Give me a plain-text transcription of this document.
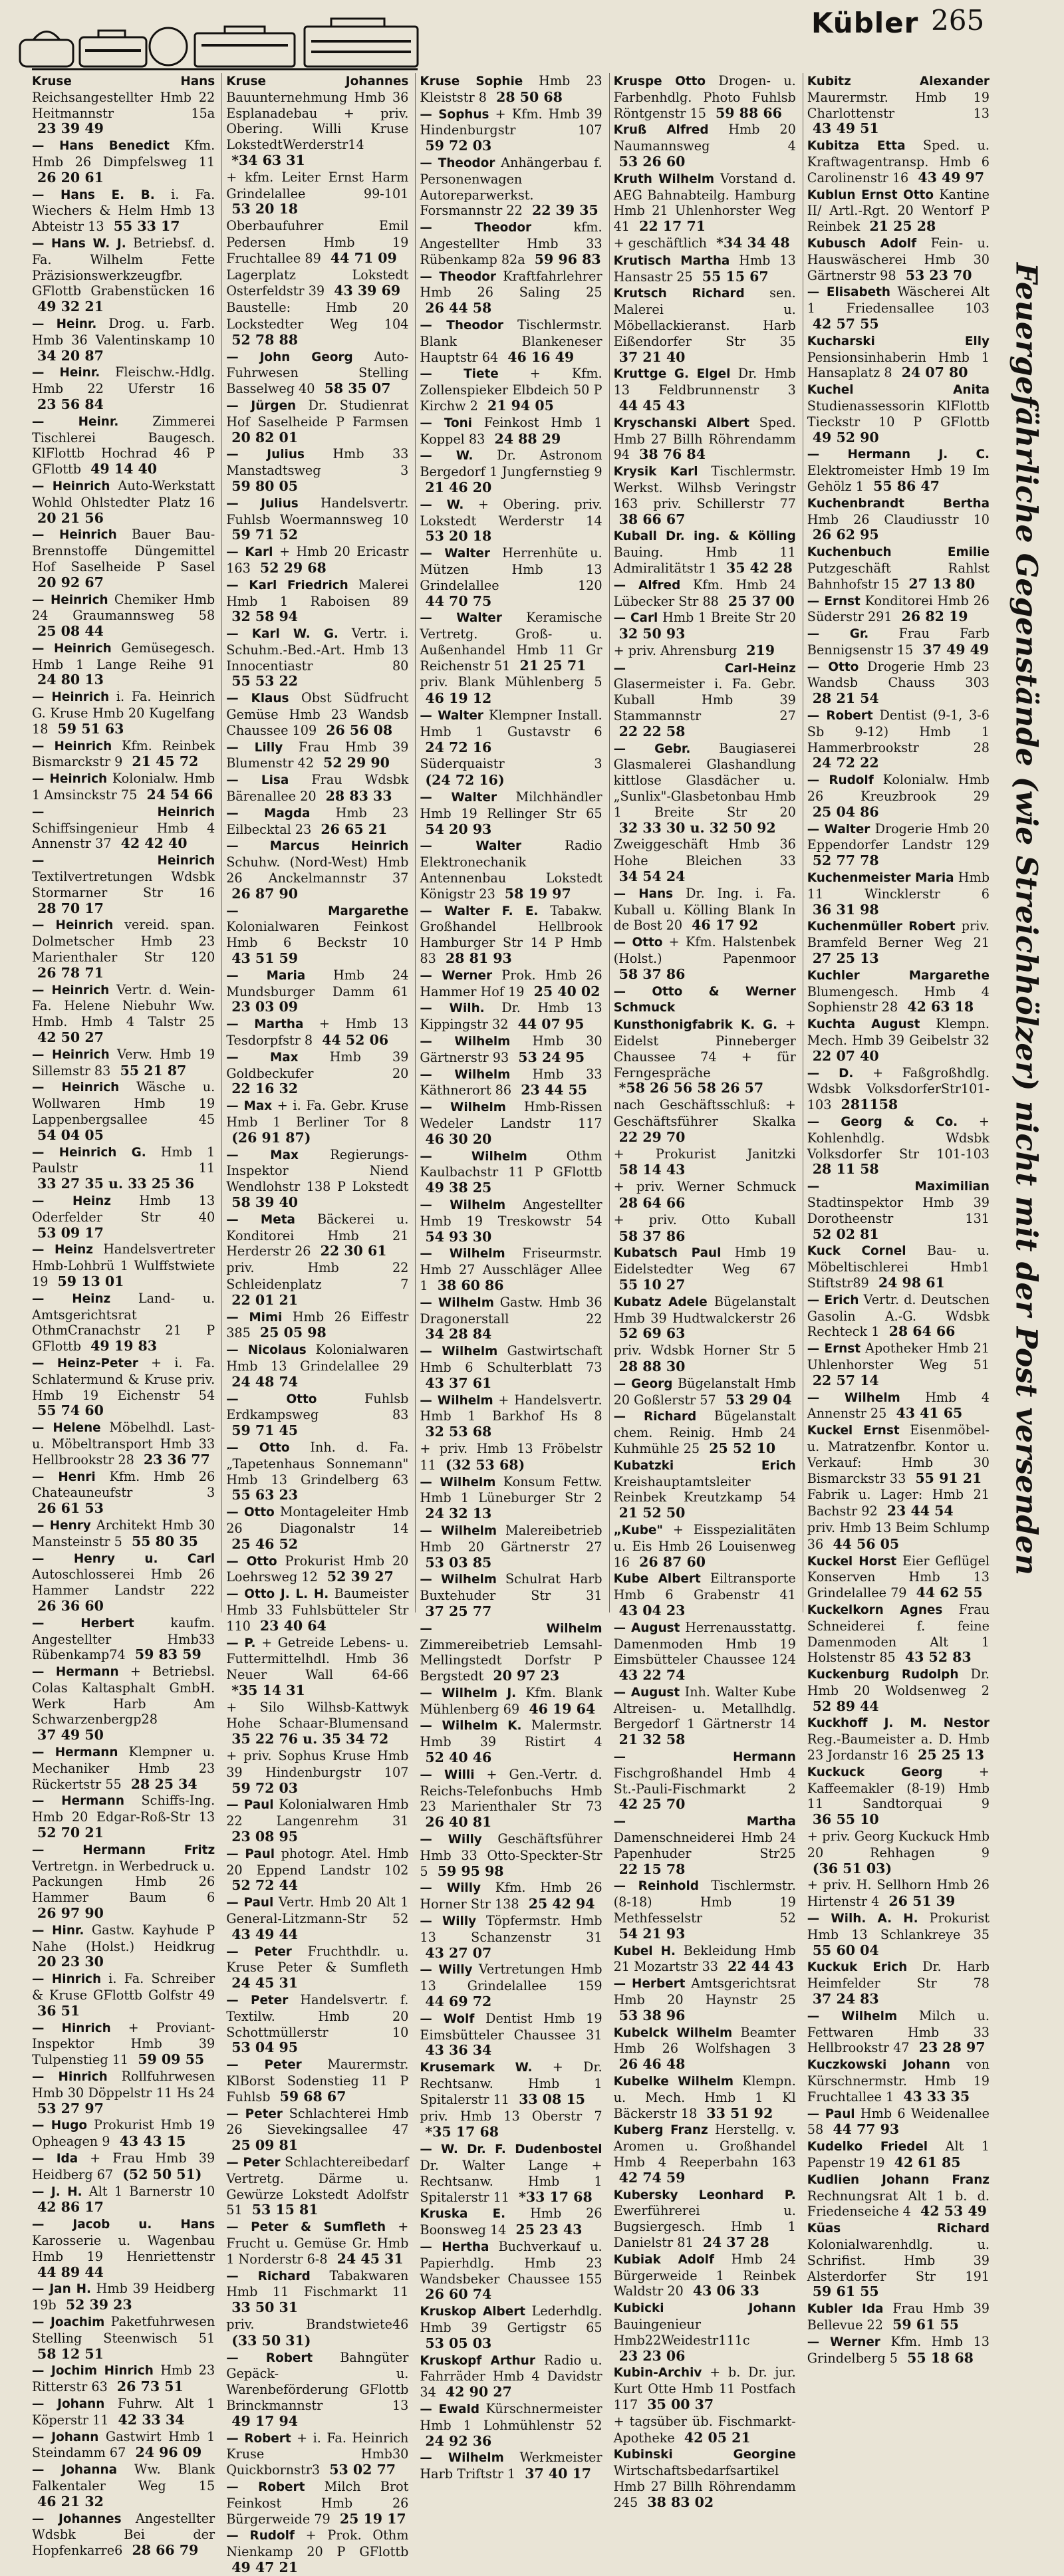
Kübler 265
Kruse Hans Reichsangestellter Hmb 22 Heitmannstr 15a 23 39 49
— Hans Benedict Kfm. Hmb 26 Dimpfelsweg 11 26 20 61
— Hans E. B. i. Fa. Wiechers & Helm Hmb 13 Abteistr 13 55 33 17
— Hans W. J. Betriebsf. d. Fa. Wilhelm Fette Präzisionswerkzeugfbr. GFlottb Grabenstücken 16 49 32 21
— Heinr. Drog. u. Farb. Hmb 36 Valentinskamp 10 34 20 87
— Heinr. Fleischw.-Hdlg. Hmb 22 Uferstr 16 23 56 84
— Heinr.	Zimmerei Tischlerei Baugesch. KlFlottb Hochrad 46 P GFlottb 49 14 40
— Heinrich Auto-Werkstatt Wohld Ohlstedter Platz 16 20 21 56
— Heinrich Bauer Bau- Brennstoffe Düngemittel Hof Saselheide P Sasel 20 92 67
— Heinrich Chemiker Hmb 24 Graumannsweg 58 25 08 44
— Heinrich Gemüsegesch. Hmb 1 Lange Reihe 91 24 80 13
— Heinrich i. Fa. Heinrich G. Kruse Hmb 20 Kugelfang 18 59 51 63
— Heinrich Kfm. Reinbek Bismarckstr 9 21 45 72
— Heinrich Kolonialw. Hmb 1 Amsinckstr 75 24 54 66
— Heinrich Schiffsingenieur Hmb 4 Annenstr 37 42 42 40
— Heinrich Textilvertretungen Wdsbk Stormarner Str 16 28 70 17
— Heinrich vereid. span. Dolmetscher Hmb 23 Marienthaler Str 120 26 78 71
— Heinrich Vertr. d. Wein-Fa. Helene Niebuhr Ww. Hmb. Hmb 4 Talstr 25 42 50 27
— Heinrich Verw. Hmb 19 Sillemstr 83 55 21 87
— Heinrich Wäsche u. Wollwaren Hmb 19 Lappenbergsallee 45 54 04 05
— Heinrich G. Hmb 1 Paulstr 11 33 27 35 u. 33 25 36
— Heinz Hmb 13 Oderfelder Str 40 53 09 17
— Heinz Handelsvertreter Hmb-Lohbrü 1 Wulffstwiete 19 59 13 01
— Heinz Land- u. Amtsgerichtsrat OthmCranachstr 21 P GFlottb 49 19 83
— Heinz-Peter + i. Fa. Schlatermund & Kruse priv. Hmb 19 Eichenstr 54 55 74 60
— Helene Möbelhdl. Last- u. Möbeltransport Hmb 33 Hellbrookstr 28 23 36 77
— Henri Kfm. Hmb 26 Chateauneufstr 3 26 61 53
— Henry Architekt Hmb 30 Mansteinstr 5 55 80 35
— Henry u. Carl Autoschlosserei Hmb 26 Hammer Landstr 222 26 36 60
— Herbert	kaufm. Angestellter Hmb33 Rübenkamp74 59 83 59
— Hermann + Betriebsl. Colas Kaltasphalt GmbH. Werk Harb Am Schwarzenbergp28 37 49 50
— Hermann Klempner u. Mechaniker Hmb 23 Rückertstr 55 28 25 34
— Hermann Schiffs-Ing. Hmb 20 Edgar-Roß-Str 13 52 70 21
— Hermann Fritz Vertretgn. in Werbedruck u. Packungen Hmb 26 Hammer Baum 6 26 97 90
— Hinr. Gastw. Kayhude P Nahe (Holst.) Heidkrug 20 23 30
— Hinrich i. Fa. Schreiber & Kruse GFlottb Golfstr 49 36 51
— Hinrich + Proviant-Inspektor Hmb 39 Tulpenstieg 11 59 09 55
— Hinrich Rollfuhrwesen Hmb 30 Döppelstr 11 Hs 24 53 27 97
— Hugo Prokurist Hmb 19 Opheagen 9 43 43 15
— Ida + Frau Hmb 39 Heidberg 67 (52 50 51)
— J. H. Alt 1 Barnerstr 10 42 86 17
— Jacob u. Hans Karosserie u. Wagenbau Hmb 19 Henriettenstr 44 89 44
— Jan H. Hmb 39 Heidberg 19b 52 39 23
— Joachim Paketfuhrwesen Stelling Steenwisch 51 58 12 51
— Jochim Hinrich Hmb 23 Ritterstr 63 26 73 51
— Johann Fuhrw. Alt 1 Köperstr 11 42 33 34
— Johann Gastwirt Hmb 1 Steindamm 67 24 96 09
— Johanna Ww. Blank Falkentaler Weg 15 46 21 32
— Johannes Angestellter Wdsbk Bei der Hopfenkarre6 28 66 79
Kruse Johannes Bauunternehmung Hmb 36 Esplanadebau + priv. Obering. Willi Kruse LokstedtWerderstr14 *34 63 31
+ kfm. Leiter Ernst Harm Grindelallee 99-101 53 20 18
Oberbaufuhrer Emil Pedersen Hmb 19 Fruchtallee 89 44 71 09
Lagerplatz Lokstedt Osterfeldstr 39 43 39 69
Baustelle: Hmb 20 Lockstedter Weg 104 52 78 88
— John Georg Auto-Fuhrwesen Stelling Basselweg 40 58 35 07
— Jürgen Dr. Studienrat Hof Saselheide P Farmsen 20 82 01
— Julius Hmb 33 Manstadtsweg 3 59 80 05
— Julius Handelsvertr. Fuhlsb Woermannsweg 10 59 71 52
— Karl + Hmb 20 Ericastr 163 52 29 68
— Karl Friedrich Malerei Hmb 1 Raboisen 89 32 58 94
— Karl W. G. Vertr. i. Schuhm.-Bed.-Art. Hmb 13 Innocentiastr 80 55 53 22
— Klaus Obst Südfrucht Gemüse Hmb 23 Wandsb Chaussee 109 26 56 08
— Lilly Frau Hmb 39 Blumenstr 42 52 29 90
— Lisa Frau Wdsbk Bärenallee 20 28 83 33
— Magda Hmb 23 Eilbecktal 23 26 65 21
— Marcus Heinrich Schuhw. (Nord-West) Hmb 26 Anckelmannstr 37 26 87 90
— Margarethe Kolonialwaren Feinkost Hmb 6 Beckstr 10 43 51 59
— Maria Hmb 24 Mundsburger Damm 61 23 03 09
— Martha + Hmb 13 Tesdorpfstr 8 44 52 06
— Max Hmb 39 Goldbeckufer 20 22 16 32
— Max + i. Fa. Gebr. Kruse Hmb 1 Berliner Tor 8 (26 91 87)
— Max Regierungs-Inspektor Niend Wendlohstr 138 P Lokstedt 58 39 40
— Meta Bäckerei u. Konditorei Hmb 21 Herderstr 26 22 30 61
priv. Hmb 22 Schleidenplatz 7 22 01 21
— Mimi Hmb 26 Eiffestr 385 25 05 98
— Nicolaus Kolonialwaren Hmb 13 Grindelallee 29 24 48 74
— Otto	Fuhlsb Erdkampsweg 83 59 71 45
— Otto Inh. d. Fa. „Tapetenhaus Sonnemann" Hmb 13 Grindelberg 63 55 63 23
— Otto Montageleiter Hmb 26 Diagonalstr 14 25 46 52
— Otto Prokurist Hmb 20 Loehrsweg 12 52 39 27
— Otto J. L. H. Baumeister Hmb 33 Fuhlsbütteler Str 110 23 40 64
— P. + Getreide Lebens- u. Futtermittelhdl. Hmb 36 Neuer Wall 64-66 *35 14 31
+ Silo Wilhsb-Kattwyk Hohe Schaar-Blumensand 35 22 76 u. 35 34 72
+ priv. Sophus Kruse Hmb 39 Hindenburgstr 107 59 72 03
— Paul Kolonialwaren Hmb 22 Langenrehm 31 23 08 95
— Paul photogr. Atel. Hmb 20 Eppend Landstr 102 52 72 44
— Paul Vertr. Hmb 20 Alt 1 General-Litzmann-Str 52 43 49 44
— Peter Fruchthdlr. u. Kruse Peter & Sumfleth 24 45 31
— Peter Handelsvertr. f. Textilw. Hmb 20 Schottmüllerstr 10 53 04 95
— Peter Maurermstr. KlBorst Sodenstieg 11 P Fuhlsb 59 68 67
— Peter Schlachterei Hmb 26 Sievekingsallee 47 25 09 81
— Peter Schlachtereibedarf Vertretg. Därme u. Gewürze Lokstedt Adolfstr 51 53 15 81
— Peter & Sumfleth + Frucht u. Gemüse Gr. Hmb 1 Norderstr 6-8 24 45 31
— Richard Tabakwaren Hmb 11 Fischmarkt 11 33 50 31
priv. Brandstwiete46 (33 50 31)
— Robert Bahngüter Gepäck- u. Warenbeförderung GFlottb Brinckmannstr 13 49 17 94
— Robert + i. Fa. Heinrich Kruse Hmb30 Quickbornstr3 53 02 77
— Robert Milch Brot Feinkost Hmb 26 Bürgerweide 79 25 19 17
— Rudolf + Prok. Othm Nienkamp 20 P GFlottb 49 47 21
Kruse Sophie Hmb 23 Kleiststr 8 28 50 68
— Sophus + Kfm. Hmb 39 Hindenburgstr 107 59 72 03
— Theodor Anhängerbau f. Personenwagen Autoreparwerkst. Forsmannstr 22 22 39 35
— Theodor	kfm. Angestellter Hmb 33 Rübenkamp 82a 59 96 83
— Theodor Kraftfahrlehrer Hmb 26 Saling 25 26 44 58
— Theodor Tischlermstr. Blank Blankeneser Hauptstr 64 46 16 49
— Tiete + Kfm. Zollenspieker Elbdeich 50 P Kirchw 2 21 94 05
— Toni Feinkost Hmb 1 Koppel 83 24 88 29
— W. Dr. Astronom Bergedorf 1 Jungfernstieg 9 21 46 20
— W. + Obering. priv. Lokstedt Werderstr 14 53 20 18
— Walter Herrenhüte u. Mützen Hmb 13 Grindelallee 120 44 70 75
— Walter Keramische Vertretg. Groß- u. Außenhandel Hmb 11 Gr Reichenstr 51 21 25 71
priv. Blank Mühlenberg 5 46 19 12
— Walter Klempner Install. Hmb 1 Gustavstr 6 24 72 16
Süderquaistr 3 (24 72 16)
— Walter Milchhändler Hmb 19 Rellinger Str 65 54 20 93
— Walter	Radio Elektronechanik Antennenbau Lokstedt Königstr 23 58 19 97
— Walter F. E. Tabakw. Großhandel Hellbrook Hamburger Str 14 P Hmb 83 28 81 93
— Werner Prok. Hmb 26 Hammer Hof 19 25 40 02
— Wilh. Dr. Hmb 13 Kippingstr 32 44 07 95
— Wilhelm Hmb 30 Gärtnerstr 93 53 24 95
— Wilhelm Hmb 33 Käthnerort 86 23 44 55
— Wilhelm Hmb-Rissen Wedeler Landstr 117 46 30 20
— Wilhelm	Othm Kaulbachstr 11 P GFlottb 49 38 25
— Wilhelm Angestellter Hmb 19 Treskowstr 54 54 93 30
— Wilhelm Friseurmstr. Hmb 27 Ausschläger Allee 1 38 60 86
— Wilhelm Gastw. Hmb 36 Dragonerstall 22 34 28 84
— Wilhelm Gastwirtschaft Hmb 6 Schulterblatt 73 43 37 61
— Wilhelm + Handelsvertr. Hmb 1 Barkhof Hs 8 32 53 68
+ priv. Hmb 13 Fröbelstr 11 (32 53 68)
— Wilhelm Konsum Fettw. Hmb 1 Lüneburger Str 2 24 32 13
— Wilhelm Malereibetrieb Hmb 20 Gärtnerstr 27 53 03 85
— Wilhelm Schulrat Harb Buxtehuder Str 31 37 25 77
— Wilhelm Zimmereibetrieb Lemsahl-Mellingstedt Dorfstr P Bergstedt 20 97 23
— Wilhelm J. Kfm. Blank Mühlenberg 69 46 19 64
— Wilhelm K. Malermstr. Hmb 39 Ristirt 4 52 40 46
— Willi + Gen.-Vertr. d. Reichs-Telefonbuchs Hmb 23 Marienthaler Str 73 26 40 81
— Willy Geschäftsführer Hmb 33 Otto-Speckter-Str 5 59 95 98
— Willy Kfm. Hmb 26 Horner Str 138 25 42 94
— Willy Töpfermstr. Hmb 13 Schanzenstr 31 43 27 07
— Willy Vertretungen Hmb 13 Grindelallee 159 44 69 72
— Wolf Dentist Hmb 19 Eimsbütteler Chaussee 31 43 36 34
Krusemark W. + Dr. Rechtsanw. Hmb 1 Spitalerstr 11 33 08 15
priv. Hmb 13 Oberstr 7 *35 17 68
— W. Dr. F. Dudenbostel Dr. Walter Lange + Rechtsanw. Hmb 1 Spitalerstr 11 *33 17 68
Kruska E. Hmb 26 Boonsweg 14 25 23 43
— Hertha Buchverkauf u. Papierhdlg. Hmb 23 Wandsbeker Chaussee 155 26 60 74
Kruskop Albert Lederhdlg. Hmb 39 Gertigstr 65 53 05 03
Kruskopf Arthur Radio u. Fahrräder Hmb 4 Davidstr 34 42 90 27
— Ewald Kürschnermeister Hmb 1 Lohmühlenstr 52 24 92 36
— Wilhelm Werkmeister Harb Triftstr 1 37 40 17
Kruspe Otto Drogen- u. Farbenhdlg. Photo Fuhlsb Röntgenstr 15 59 88 66
Kruß Alfred Hmb 20 Naumannsweg 4 53 26 60
Kruth Wilhelm Vorstand d. AEG Bahnabteilg. Hamburg Hmb 21 Uhlenhorster Weg 41 22 17 71
+ geschäftlich *34 34 48
Krutisch Martha Hmb 13 Hansastr 25 55 15 67
Krutsch Richard sen. Malerei u. Möbellackieranst. Harb Eißendorfer Str 35 37 21 40
Kruttge G. Elgel Dr. Hmb 13 Feldbrunnenstr 3 44 45 43
Kryschanski Albert Sped. Hmb 27 Billh Röhrendamm 94 38 76 84
Krysik Karl Tischlermstr. Werkst. Wilhsb Veringstr 163 priv. Schillerstr 77 38 66 67
Kuball Dr. ing. & Kölling Bauing. Hmb 11 Admiralitätstr 1 35 42 28
— Alfred Kfm. Hmb 24 Lübecker Str 88 25 37 00
— Carl Hmb 1 Breite Str 20 32 50 93
+ priv. Ahrensburg 219
— Carl-Heinz Glasermeister i. Fa. Gebr. Kuball Hmb 39 Stammannstr 27 22 22 58
— Gebr. Baugiaserei Glasmalerei Glashandlung kittlose Glasdächer u. „Sunlix"-Glasbetonbau Hmb 1 Breite Str 20 32 33 30 u. 32 50 92
Zweiggeschäft Hmb 36 Hohe Bleichen 33 34 54 24
— Hans Dr. Ing. i. Fa. Kuball u. Kölling Blank In de Bost 20 46 17 92
— Otto + Kfm. Halstenbek (Holst.) Papenmoor 58 37 86
— Otto & Werner Schmuck
Kunsthonigfabrik K. G. + Eidelst Pinneberger Chaussee 74 + für Ferngespräche *58 26 56 58 26 57
nach Geschäftsschluß: + Geschäftsführer Skalka 22 29 70
+ Prokurist Janitzki 58 14 43
+ priv. Werner Schmuck 28 64 66
+ priv. Otto Kuball 58 37 86
Kubatsch Paul Hmb 19 Eidelstedter Weg 67 55 10 27
Kubatz Adele Bügelanstalt Hmb 39 Hudtwalckerstr 26 52 69 63
priv. Wdsbk Horner Str 5 28 88 30
— Georg Bügelanstalt Hmb 20 Goßlerstr 57 53 29 04
— Richard Bügelanstalt chem. Reinig. Hmb 24 Kuhmühle 25 25 52 10
Kubatzki Erich Kreishauptamtsleiter Reinbek Kreutzkamp 54 21 52 50
„Kube" + Eisspezialitäten u. Eis Hmb 26 Louisenweg 16 26 87 60
Kube Albert Eiltransporte Hmb 6 Grabenstr 41 43 04 23
— August Herrenausstattg. Damenmoden Hmb 19 Eimsbütteler Chaussee 124 43 22 74
— August Inh. Walter Kube Altreisen- u. Metallhdlg. Bergedorf 1 Gärtnerstr 14 21 32 58
— Hermann Fischgroßhandel Hmb 4 St.-Pauli-Fischmarkt 2 42 25 70
— Martha Damenschneiderei Hmb 24 Papenhuder Str25 22 15 78
— Reinhold Tischlermstr. (8-18) Hmb 19 Methfesselstr 52 54 21 93
Kubel H. Bekleidung Hmb 21 Mozartstr 33 22 44 43
— Herbert Amtsgerichtsrat Hmb 20 Haynstr 25 53 38 96
Kubelck Wilhelm Beamter Hmb 26 Wolfshagen 3 26 46 48
Kubelke Wilhelm Klempn. u. Mech. Hmb 1 Kl Bäckerstr 18 33 51 92
Kuberg Franz Herstellg. v. Aromen u. Großhandel Hmb 4 Reeperbahn 163 42 74 59
Kubersky Leonhard P. Ewerführerei u. Bugsiergesch. Hmb 1 Danielstr 81 24 37 28
Kubiak Adolf Hmb 24 Bürgerweide 1 Reinbek Waldstr 20 43 06 33
Kubicki Johann Bauingenieur Hmb22Weidestr111c 23 23 06
Kubin-Archiv + b. Dr. jur. Kurt Otte Hmb 11 Postfach 117 35 00 37
+ tagsüber üb. Fischmarkt-Apotheke 42 05 21
Kubinski Georgine Wirtschaftsbedarfsartikel Hmb 27 Billh Röhrendamm 245 38 83 02
Kubitz Alexander Maurermstr. Hmb 19 Charlottenstr 13 43 49 51
Kubitza Etta Sped. u. Kraftwagentransp. Hmb 6 Carolinenstr 16 43 49 97
Kublun Ernst Otto Kantine II/ Artl.-Rgt. 20 Wentorf P Reinbek 21 25 28
Kubusch Adolf Fein- u. Hauswäscherei Hmb 30 Gärtnerstr 98 53 23 70
— Elisabeth Wäscherei Alt 1 Friedensallee 103 42 57 55
Kucharski Elly Pensionsinhaberin Hmb 1 Hansaplatz 8 24 07 80
Kuchel Anita Studienassessorin KlFlottb Tieckstr 10 P GFlottb 49 52 90
— Hermann J. C. Elektromeister Hmb 19 Im Gehölz 1 55 86 47
Kuchenbrandt Bertha Hmb 26 Claudiusstr 10 26 62 95
Kuchenbuch Emilie Putzgeschäft Rahlst Bahnhofstr 15 27 13 80
— Ernst Konditorei Hmb 26 Süderstr 291 26 82 19
— Gr. Frau Farb Bennigsenstr 15 37 49 49
— Otto Drogerie Hmb 23 Wandsb Chauss 303 28 21 54
— Robert Dentist (9-1, 3-6 Sb 9-12) Hmb 1 Hammerbrookstr 28 24 72 22
— Rudolf Kolonialw. Hmb 26 Kreuzbrook 29 25 04 86
— Walter Drogerie Hmb 20 Eppendorfer Landstr 129 52 77 78
Kuchenmeister Maria Hmb 11 Wincklerstr 6 36 31 98
Kuchenmüller Robert priv. Bramfeld Berner Weg 21 27 25 13
Kuchler Margarethe Blumengesch. Hmb 4 Sophienstr 28 42 63 18
Kuchta August Klempn. Mech. Hmb 39 Geibelstr 32 22 07 40
— D. + Faßgroßhdlg. Wdsbk VolksdorferStr101-103 281158
— Georg & Co. + Kohlenhdlg. Wdsbk Volksdorfer Str 101-103 28 11 58
— Maximilian Stadtinspektor Hmb 39 Dorotheenstr 131 52 02 81
Kuck Cornel Bau- u. Möbeltischlerei Hmb1 Stiftstr89 24 98 61
— Erich Vertr. d. Deutschen Gasolin A.-G. Wdsbk Rechteck 1 28 64 66
— Ernst Apotheker Hmb 21 Uhlenhorster Weg 51 22 57 14
— Wilhelm Hmb 4 Annenstr 25 43 41 65
Kuckel Ernst Eisenmöbel- u. Matratzenfbr. Kontor u. Verkauf: Hmb 30 Bismarckstr 33 55 91 21
Fabrik u. Lager: Hmb 21 Bachstr 92 23 44 54
priv. Hmb 13 Beim Schlump 36 44 56 05
Kuckel Horst Eier Geflügel Konserven Hmb 13 Grindelallee 79 44 62 55
Kuckelkorn Agnes Frau Schneiderei f. feine Damenmoden Alt 1 Holstenstr 85 43 52 83
Kuckenburg Rudolph Dr. Hmb 20 Woldsenweg 2 52 89 44
Kuckhoff J. M. Nestor Reg.-Baumeister a. D. Hmb 23 Jordanstr 16 25 25 13
Kuckuck Georg	+ Kaffeemakler (8-19) Hmb 11 Sandtorquai 9 36 55 10
+ priv. Georg Kuckuck Hmb 20 Rehhagen 9 (36 51 03)
+ priv. H. Sellhorn Hmb 26 Hirtenstr 4 26 51 39
— Wilh. A. H. Prokurist Hmb 13 Schlankreye 35 55 60 04
Kuckuk Erich Dr. Harb Heimfelder Str 78 37 24 83
— Wilhelm Milch u. Fettwaren Hmb 33 Hellbrookstr 47 23 28 97
Kuczkowski Johann von Kürschnermstr. Hmb 19 Fruchtallee 1 43 33 35
— Paul Hmb 6 Weidenallee 58 44 77 93
Kudelko Friedel Alt 1 Papenstr 19 42 61 85
Kudlien Johann Franz Rechnungsrat Alt 1 b. d. Friedenseiche 4 42 53 49
Küas Richard Kolonialwarenhdlg. u. Schrifist. Hmb 39 Alsterdorfer Str 191 59 61 55
Kubler Ida Frau Hmb 39 Bellevue 22 59 61 55
— Werner Kfm. Hmb 13 Grindelberg 5 55 18 68
Feuergefährliche Gegenstände (wie Streichhölzer) nicht mit der Post versenden
